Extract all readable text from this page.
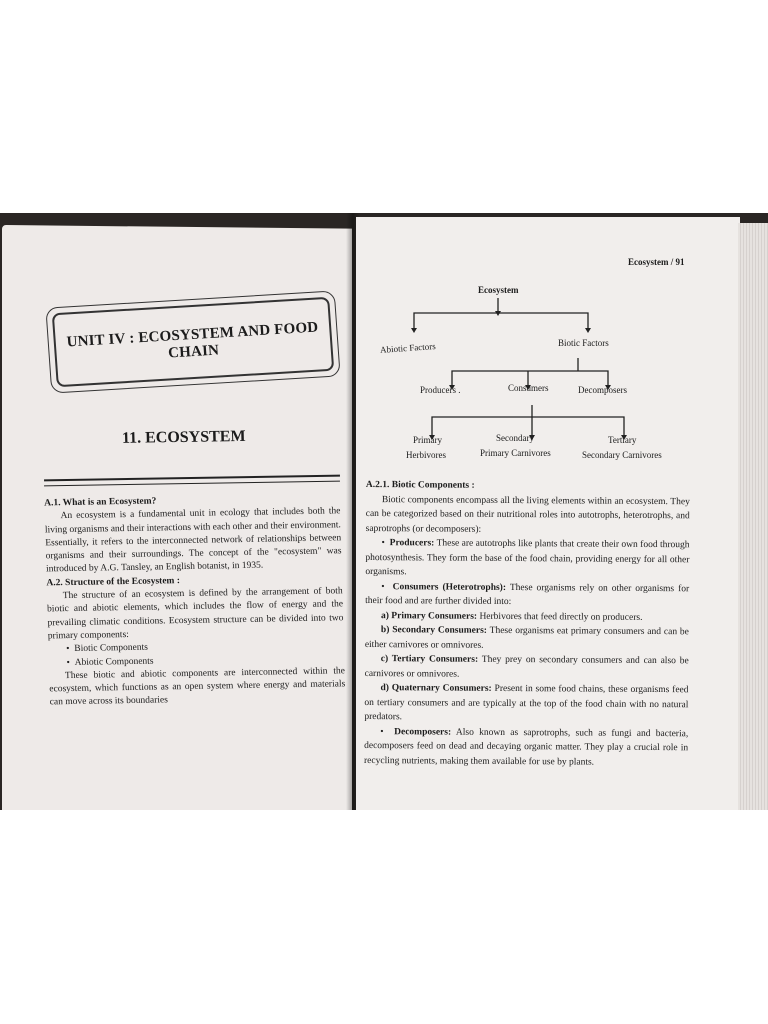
UNIT IV : ECOSYSTEM AND FOOD CHAIN
11. ECOSYSTEM

A.1. What is an Ecosystem?

An ecosystem is a fundamental unit in ecology that includes both the living organisms and their interactions with each other and their environment. Essentially, it refers to the interconnected network of relationships between organisms and their surroundings. The concept of the "ecosystem" was introduced by A.G. Tansley, an English botanist, in 1935.

A.2. Structure of the Ecosystem :

The structure of an ecosystem is defined by the arrangement of both biotic and abiotic elements, which includes the flow of energy and the prevailing climatic conditions. Ecosystem structure can be divided into two primary components:

•  Biotic Components

•  Abiotic Components

These biotic and abiotic components are interconnected within the ecosystem, which functions as an open system where energy and materials can move across its boundaries

Ecosystem / 91
Ecosystem
Abiotic Factors	Biotic Factors
Producers .	Consumers	Decomposers
Primary
Herbivores
Secondary
Primary Carnivores
Tertiary
Secondary Carnivores

A.2.1. Biotic Components :

Biotic components encompass all the living elements within an ecosystem. They can be categorized based on their nutritional roles into autotrophs, heterotrophs, and saprotrophs (or decomposers):

•  Producers: These are autotrophs like plants that create their own food through photosynthesis. They form the base of the food chain, providing energy for all other organisms.

•  Consumers (Heterotrophs): These organisms rely on other organisms for their food and are further divided into:

a) Primary Consumers: Herbivores that feed directly on producers.

b) Secondary Consumers: These organisms eat primary consumers and can be either carnivores or omnivores.

c) Tertiary Consumers: They prey on secondary consumers and can also be carnivores or omnivores.

d) Quaternary Consumers: Present in some food chains, these organisms feed on tertiary consumers and are typically at the top of the food chain with no natural predators.

•  Decomposers: Also known as saprotrophs, such as fungi and bacteria, decomposers feed on dead and decaying organic matter. They play a crucial role in recycling nutrients, making them available for use by plants.
